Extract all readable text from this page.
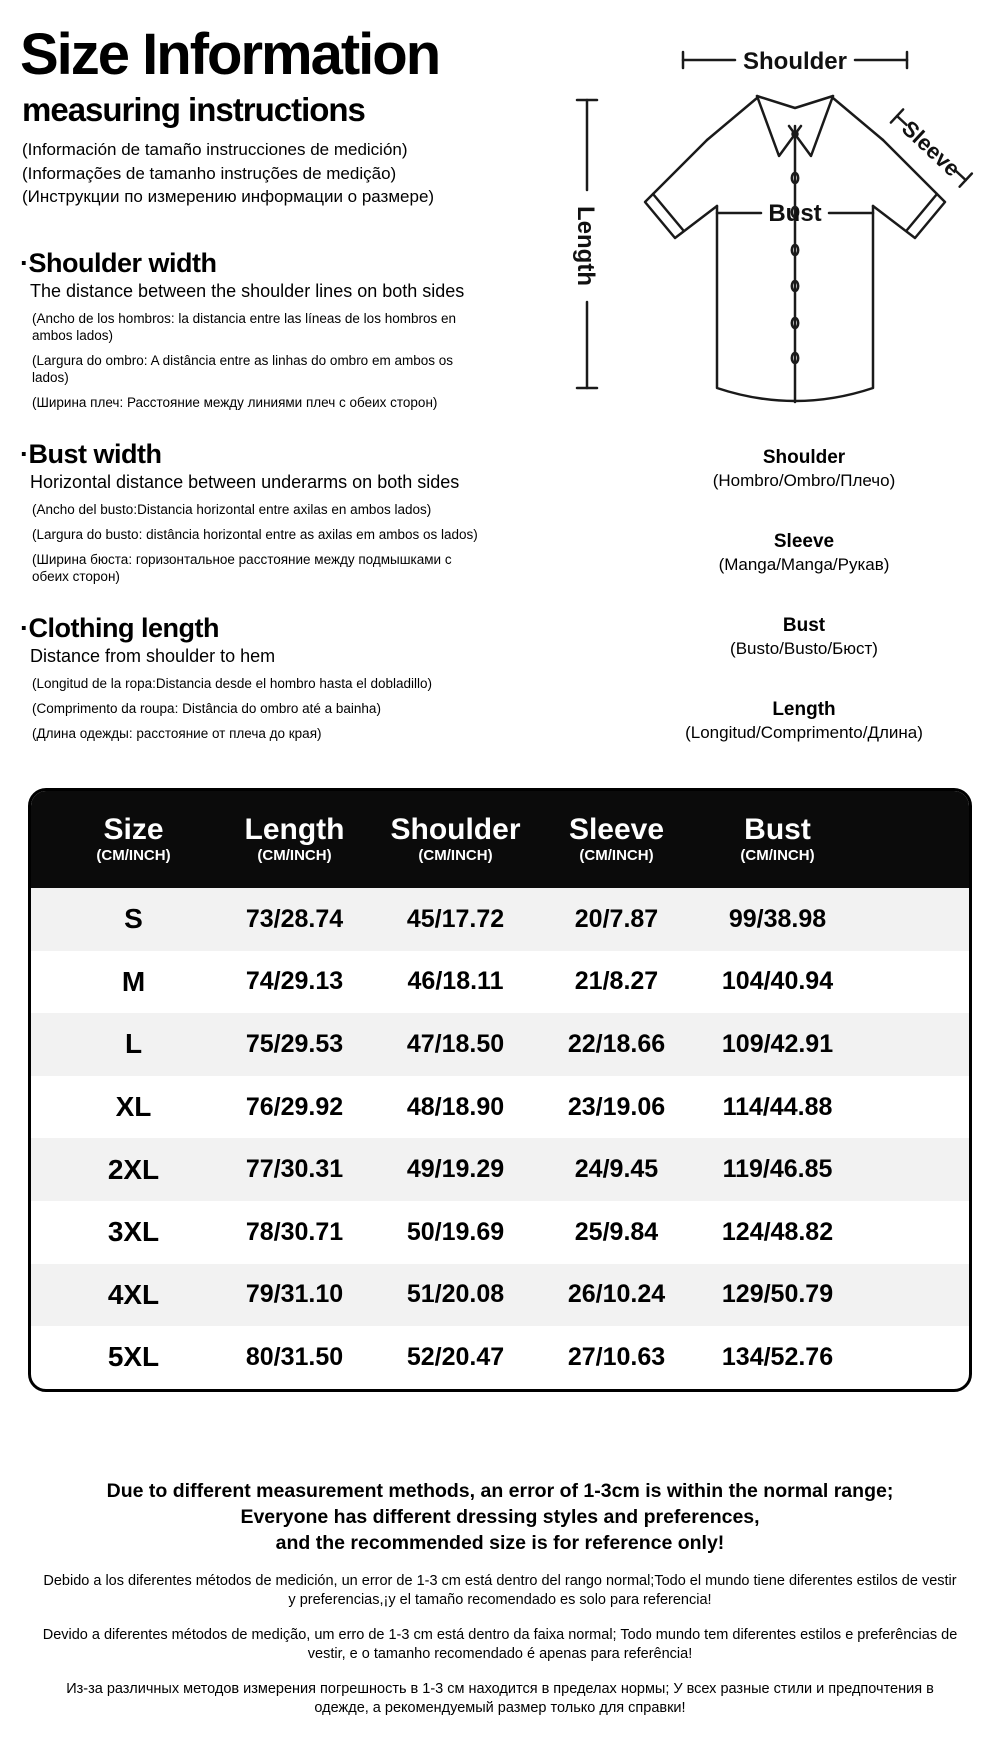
Size Information
measuring instructions

(Información de tamaño instrucciones de medición)

(Informações de tamanho instruções de medição)

(Инструкции по измерению информации о размере)

·Shoulder width

The distance between the shoulder lines on both sides

(Ancho de los hombros: la distancia entre las líneas de los hombros en ambos lados)

(Largura do ombro: A distância entre as linhas do ombro em ambos os lados)

(Ширина плеч: Расстояние между линиями плеч с обеих сторон)

·Bust width

Horizontal distance between underarms on both sides

(Ancho del busto:Distancia horizontal entre axilas en ambos lados)

(Largura do busto: distância horizontal entre as axilas em ambos os lados)

(Ширина бюста: горизонтальное расстояние между подмышками с обеих сторон)

·Clothing length

Distance from shoulder to hem

(Longitud de la ropa:Distancia desde el hombro hasta el dobladillo)

(Comprimento da roupa: Distância do ombro até a bainha)

(Длина одежды: расстояние от плеча до края)

Shoulder
Length	Bust
Sleeve
Shoulder
(Hombro/Ombro/Плечо)
Sleeve
(Manga/Manga/Рукав)
Bust
(Busto/Busto/Бюст)
Length
(Longitud/Comprimento/Длина)
Size
(CM/INCH)
Length
(CM/INCH)
Shoulder
(CM/INCH)
Sleeve
(CM/INCH)
Bust
(CM/INCH)
S	73/28.74	45/17.72	20/7.87	99/38.98
M	74/29.13	46/18.11	21/8.27	104/40.94
L	75/29.53	47/18.50	22/18.66	109/42.91
XL	76/29.92	48/18.90	23/19.06	114/44.88
2XL	77/30.31	49/19.29	24/9.45	119/46.85
3XL	78/30.71	50/19.69	25/9.84	124/48.82
4XL	79/31.10	51/20.08	26/10.24	129/50.79
5XL	80/31.50	52/20.47	27/10.63	134/52.76
Due to different measurement methods, an error of 1-3cm is within the normal range;
Everyone has different dressing styles and preferences,
and the recommended size is for reference only!

Debido a los diferentes métodos de medición, un error de 1-3 cm está dentro del rango normal;Todo el mundo tiene diferentes estilos de vestir y preferencias,¡y el tamaño recomendado es solo para referencia!

Devido a diferentes métodos de medição, um erro de 1-3 cm está dentro da faixa normal; Todo mundo tem diferentes estilos e preferências de vestir, e o tamanho recomendado é apenas para referência!

Из-за различных методов измерения погрешность в 1-3 см находится в пределах нормы; У всех разные стили и предпочтения в одежде, а рекомендуемый размер только для справки!
